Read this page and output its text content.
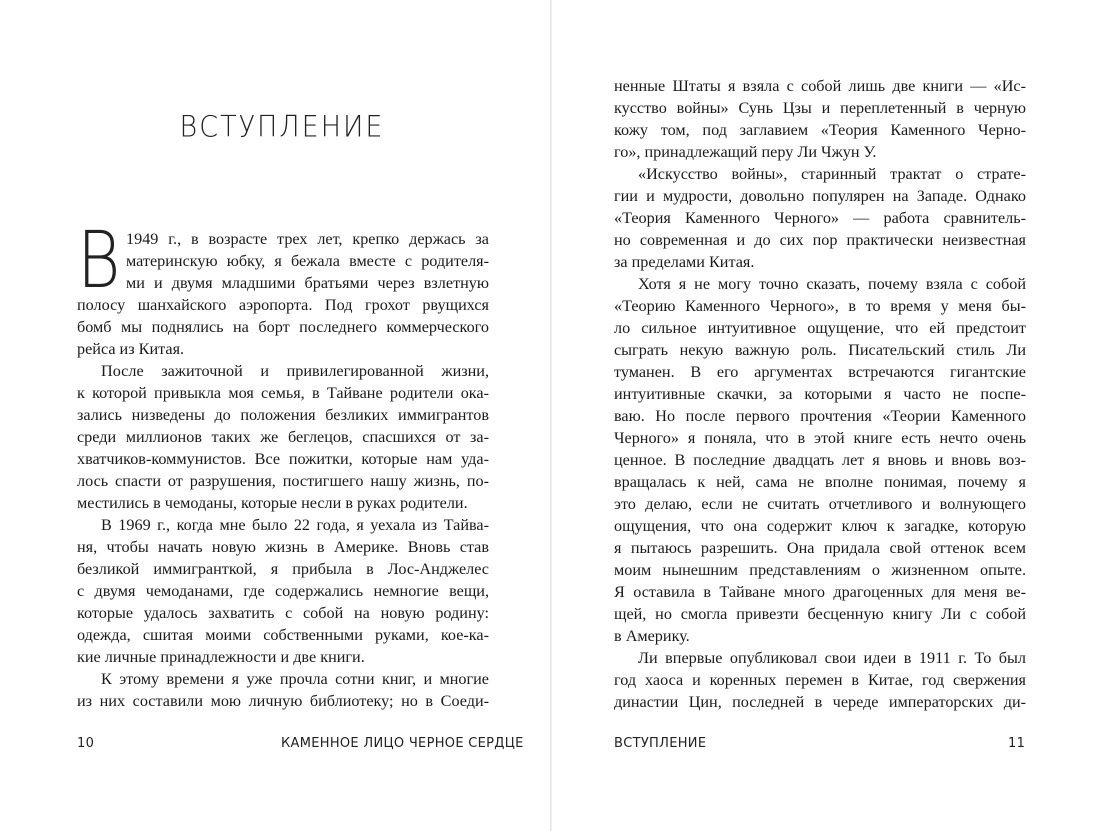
ВСТУПЛЕНИЕ
В 1949 г., в возрасте трех лет, крепко держась за
материнскую юбку, я бежала вместе с родителя-
ми и двумя младшими братьями через взлетную
полосу шанхайского аэропорта. Под грохот рвущихся
бомб мы поднялись на борт последнего коммерческого
рейса из Китая.
После зажиточной и привилегированной жизни,
к которой привыкла моя семья, в Тайване родители ока-
зались низведены до положения безликих иммигрантов
среди миллионов таких же беглецов, спасшихся от за-
хватчиков-коммунистов. Все пожитки, которые нам уда-
лось спасти от разрушения, постигшего нашу жизнь, по-
местились в чемоданы, которые несли в руках родители.
В 1969 г., когда мне было 22 года, я уехала из Тайва-
ня, чтобы начать новую жизнь в Америке. Вновь став
безликой иммигранткой, я прибыла в Лос-Анджелес
с двумя чемоданами, где содержались немногие вещи,
которые удалось захватить с собой на новую родину:
одежда, сшитая моими собственными руками, кое-ка-
кие личные принадлежности и две книги.
К этому времени я уже прочла сотни книг, и многие
из них составили мою личную библиотеку; но в Соеди-
10	КАМЕННОЕ ЛИЦО ЧЕРНОЕ СЕРДЦЕ
ненные Штаты я взяла с собой лишь две книги — «Ис-
кусство войны» Сунь Цзы и переплетенный в черную
кожу том, под заглавием «Теория Каменного Черно-
го», принадлежащий перу Ли Чжун У.
«Искусство войны», старинный трактат о страте-
гии и мудрости, довольно популярен на Западе. Однако
«Теория Каменного Черного» — работа сравнитель-
но современная и до сих пор практически неизвестная
за пределами Китая.
Хотя я не могу точно сказать, почему взяла с собой
«Теорию Каменного Черного», в то время у меня бы-
ло сильное интуитивное ощущение, что ей предстоит
сыграть некую важную роль. Писательский стиль Ли
туманен. В его аргументах встречаются гигантские
интуитивные скачки, за которыми я часто не поспе-
ваю. Но после первого прочтения «Теории Каменного
Черного» я поняла, что в этой книге есть нечто очень
ценное. В последние двадцать лет я вновь и вновь воз-
вращалась к ней, сама не вполне понимая, почему я
это делаю, если не считать отчетливого и волнующего
ощущения, что она содержит ключ к загадке, которую
я пытаюсь разрешить. Она придала свой оттенок всем
моим нынешним представлениям о жизненном опыте.
Я оставила в Тайване много драгоценных для меня ве-
щей, но смогла привезти бесценную книгу Ли с собой
в Америку.
Ли впервые опубликовал свои идеи в 1911 г. То был
год хаоса и коренных перемен в Китае, год свержения
династии Цин, последней в череде императорских ди-
ВСТУПЛЕНИЕ	11
